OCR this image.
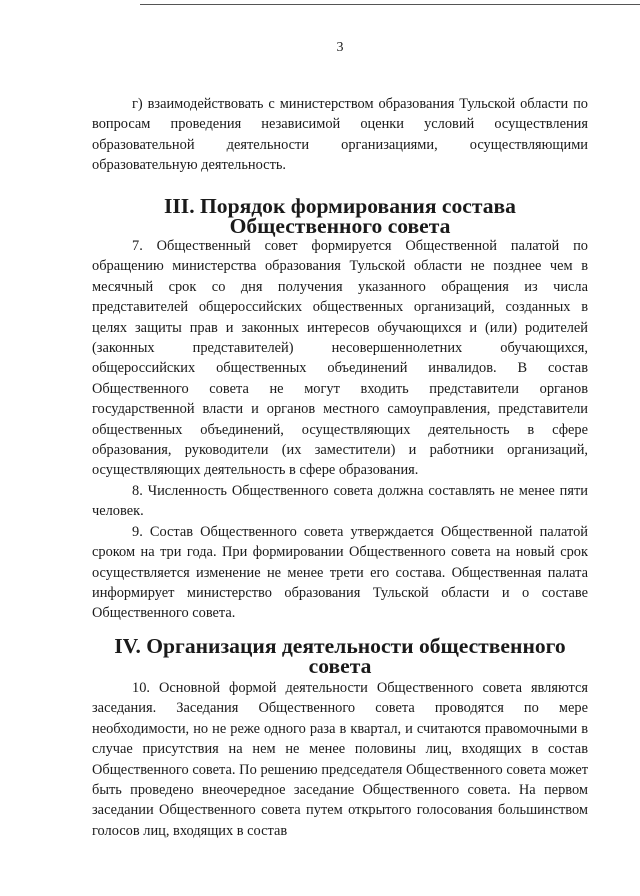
3

г) взаимодействовать с министерством образования Тульской области по вопросам проведения независимой оценки условий осуществления образовательной деятельности организациями, осуществляющими образовательную деятельность.

III. Порядок формирования состава Общественного совета

7. Общественный совет формируется Общественной палатой по обращению министерства образования Тульской области не позднее чем в месячный срок со дня получения указанного обращения из числа представителей общероссийских общественных организаций, созданных в целях защиты прав и законных интересов обучающихся и (или) родителей (законных представителей) несовершеннолетних обучающихся, общероссийских общественных объединений инвалидов. В состав Общественного совета не могут входить представители органов государственной власти и органов местного самоуправления, представители общественных объединений, осуществляющих деятельность в сфере образования, руководители (их заместители) и работники организаций, осуществляющих деятельность в сфере образования.

8. Численность Общественного совета должна составлять не менее пяти человек.

9. Состав Общественного совета утверждается Общественной палатой сроком на три года. При формировании Общественного совета на новый срок осуществляется изменение не менее трети его состава. Общественная палата информирует министерство образования Тульской области и о составе Общественного совета.

IV. Организация деятельности общественного совета

10. Основной формой деятельности Общественного совета являются заседания. Заседания Общественного совета проводятся по мере необходимости, но не реже одного раза в квартал, и считаются правомочными в случае присутствия на нем не менее половины лиц, входящих в состав Общественного совета. По решению председателя Общественного совета может быть проведено внеочередное заседание Общественного совета. На первом заседании Общественного совета путем открытого голосования большинством голосов лиц, входящих в состав
